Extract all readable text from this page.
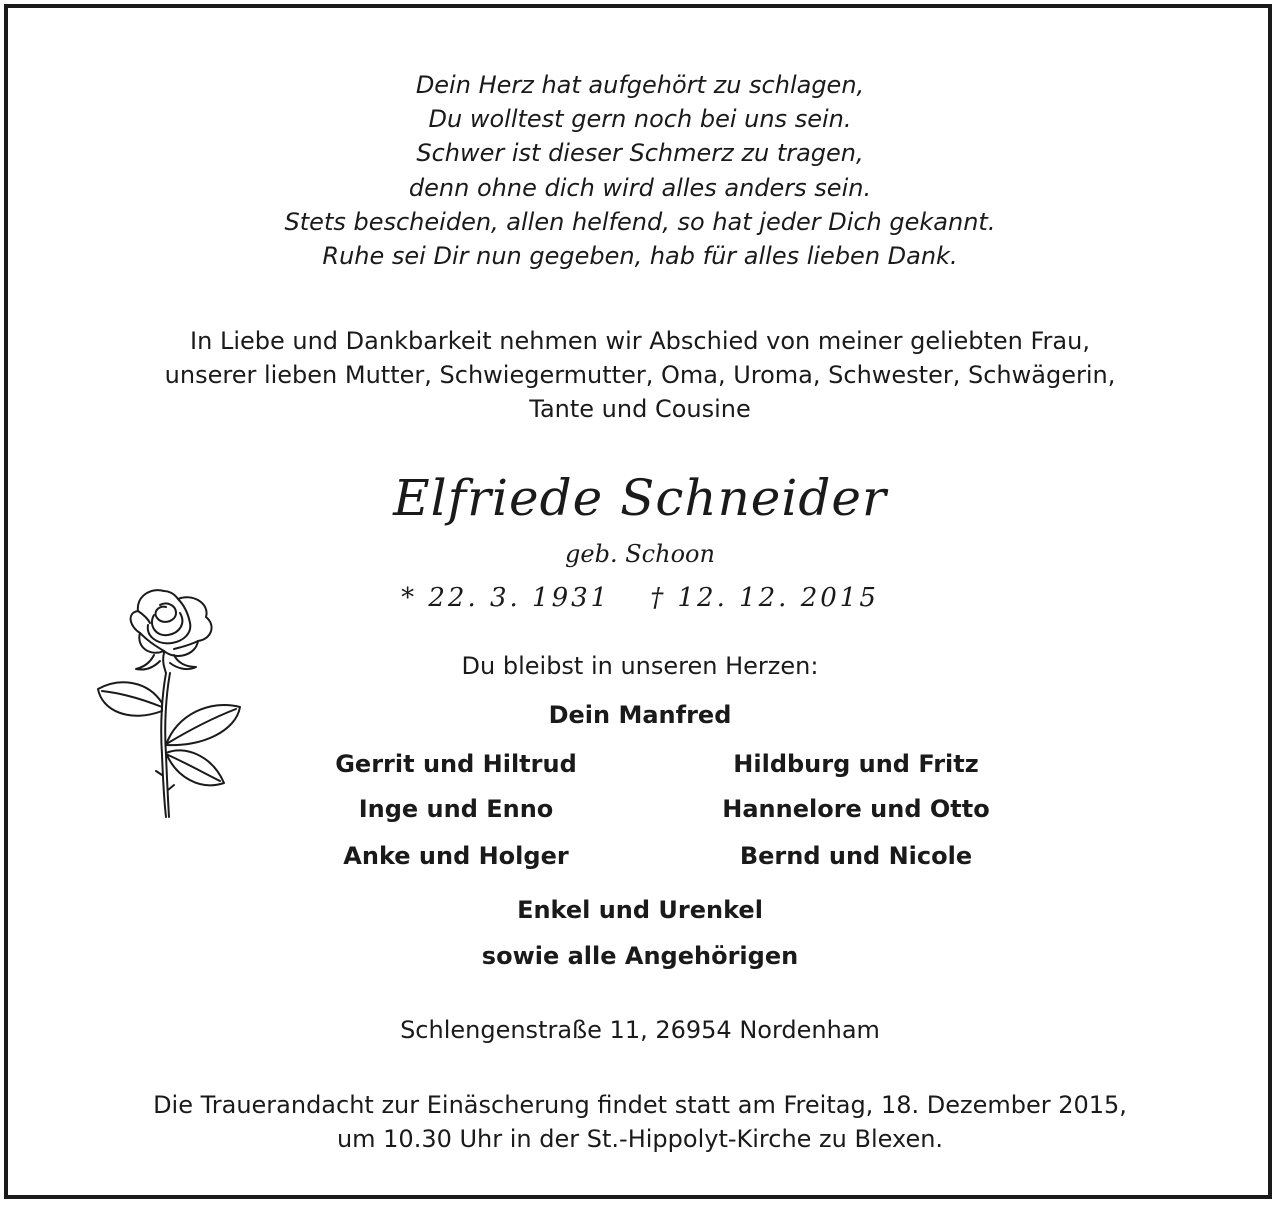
Dein Herz hat aufgehört zu schlagen,
Du wolltest gern noch bei uns sein.
Schwer ist dieser Schmerz zu tragen,
denn ohne dich wird alles anders sein.
Stets bescheiden, allen helfend, so hat jeder Dich gekannt.
Ruhe sei Dir nun gegeben, hab für alles lieben Dank.
In Liebe und Dankbarkeit nehmen wir Abschied von meiner geliebten Frau,
unserer lieben Mutter, Schwiegermutter, Oma, Uroma, Schwester, Schwägerin,
Tante und Cousine
Elfriede Schneider
geb. Schoon
* 22. 3. 1931 † 12. 12. 2015
Du bleibst in unseren Herzen:
Dein Manfred
Gerrit und Hiltrud	Hildburg und Fritz
Inge und Enno	Hannelore und Otto
Anke und Holger	Bernd und Nicole
Enkel und Urenkel
sowie alle Angehörigen
Schlengenstraße 11, 26954 Nordenham
Die Trauerandacht zur Einäscherung findet statt am Freitag, 18. Dezember 2015,
um 10.30 Uhr in der St.-Hippolyt-Kirche zu Blexen.
